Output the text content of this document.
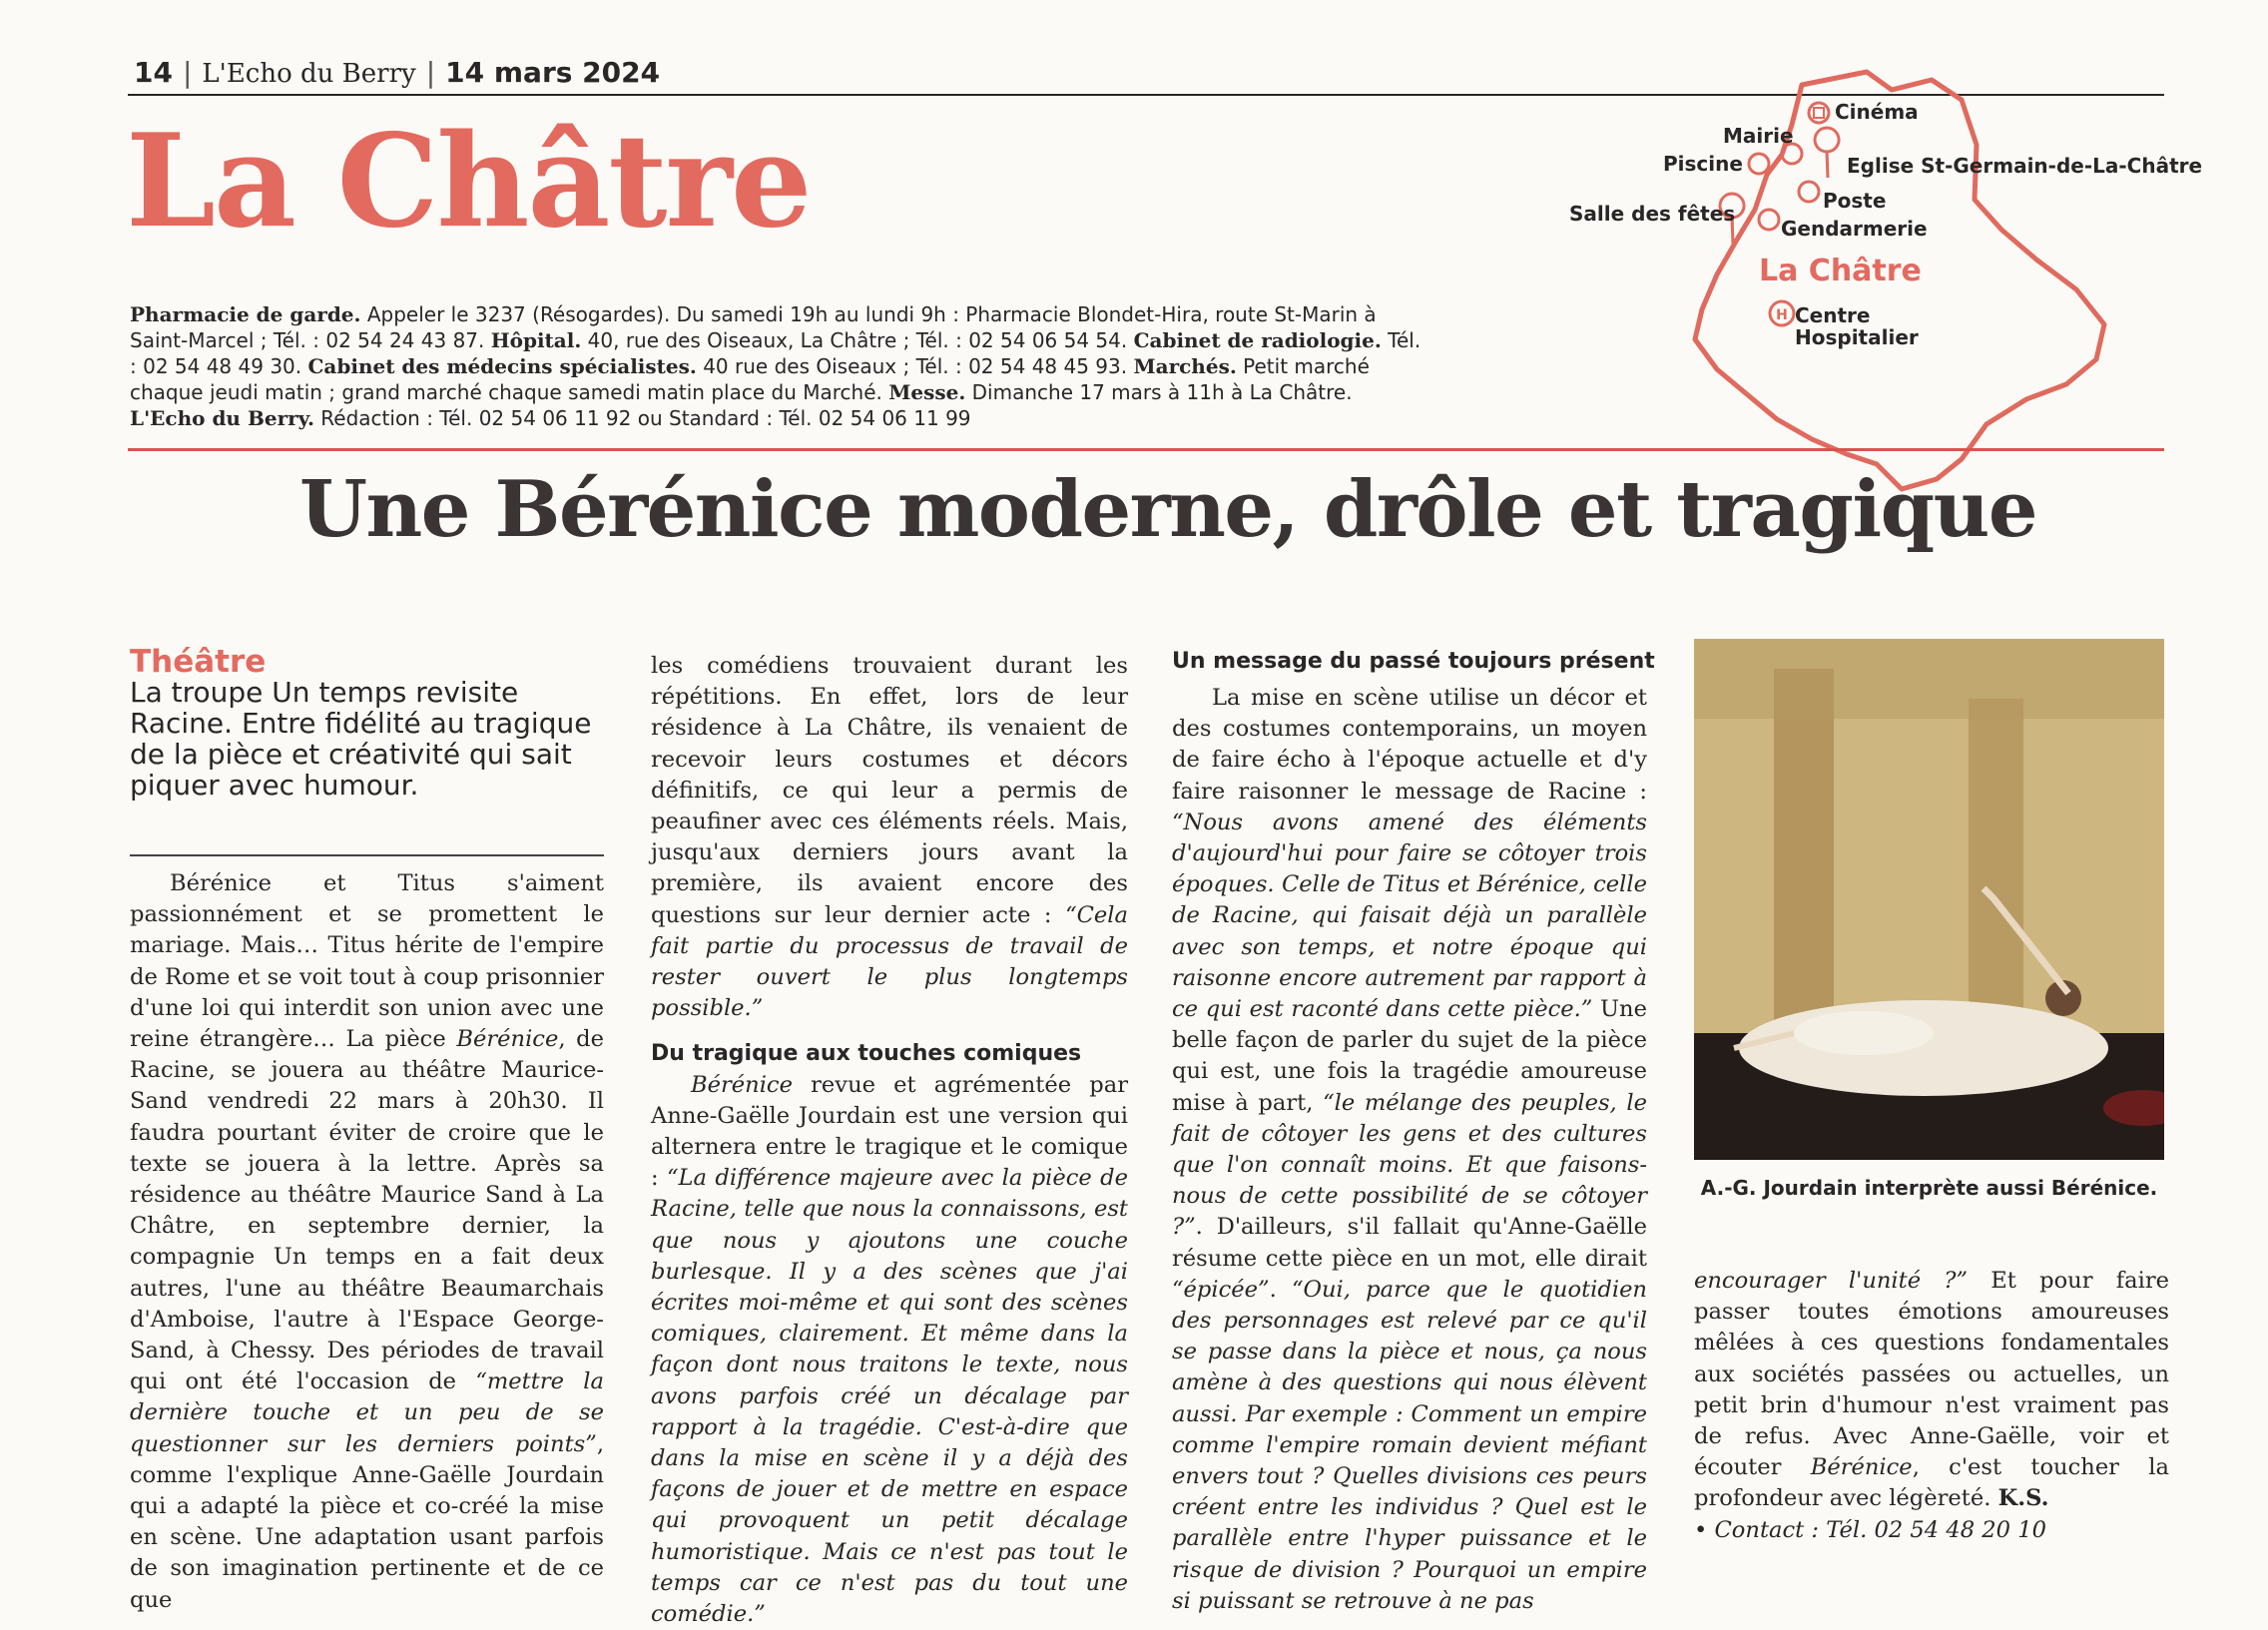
14 | L'Echo du Berry | 14 mars 2024
La Châtre
H
Cinéma
Mairie
Piscine	Eglise St-Germain-de-La-Châtre
Poste
Salle des fêtes
Gendarmerie
La Châtre
Centre
Hospitalier
Pharmacie de garde. Appeler le 3237 (Résogardes). Du samedi 19h au lundi 9h : Pharmacie Blondet-Hira, route St-Marin à Saint-Marcel ; Tél. : 02 54 24 43 87. Hôpital. 40, rue des Oiseaux, La Châtre ; Tél. : 02 54 06 54 54. Cabinet de radiologie. Tél. : 02 54 48 49 30. Cabinet des médecins spécialistes. 40 rue des Oiseaux ; Tél. : 02 54 48 45 93. Marchés. Petit marché chaque jeudi matin ; grand marché chaque samedi matin place du Marché. Messe. Dimanche 17 mars à 11h à La Châtre.
L'Echo du Berry. Rédaction : Tél. 02 54 06 11 92 ou Standard : Tél. 02 54 06 11 99
Une Bérénice moderne, drôle et tragique
Théâtre
La troupe Un temps revisite Racine. Entre fidélité au tragique de la pièce et créativité qui sait piquer avec humour.

Bérénice et Titus s'aiment passionnément et se promettent le mariage. Mais… Titus hérite de l'empire de Rome et se voit tout à coup prisonnier d'une loi qui interdit son union avec une reine étrangère… La pièce Bérénice, de Racine, se jouera au théâtre Maurice-Sand vendredi 22 mars à 20h30. Il faudra pourtant éviter de croire que le texte se jouera à la lettre. Après sa résidence au théâtre Maurice Sand à La Châtre, en septembre dernier, la compagnie Un temps en a fait deux autres, l'une au théâtre Beaumarchais d'Amboise, l'autre à l'Espace George-Sand, à Chessy. Des périodes de travail qui ont été l'occasion de “mettre la dernière touche et un peu de se questionner sur les derniers points”, comme l'explique Anne-Gaëlle Jourdain qui a adapté la pièce et co-créé la mise en scène. Une adaptation usant parfois de son imagination pertinente et de ce que

les comédiens trouvaient durant les répétitions. En effet, lors de leur résidence à La Châtre, ils venaient de recevoir leurs costumes et décors définitifs, ce qui leur a permis de peaufiner avec ces éléments réels. Mais, jusqu'aux derniers jours avant la première, ils avaient encore des questions sur leur dernier acte : “Cela fait partie du processus de travail de rester ouvert le plus longtemps possible.”

Du tragique aux touches comiques

Bérénice revue et agrémentée par Anne-Gaëlle Jourdain est une version qui alternera entre le tragique et le comique : “La différence majeure avec la pièce de Racine, telle que nous la connaissons, est que nous y ajoutons une couche burlesque. Il y a des scènes que j'ai écrites moi-même et qui sont des scènes comiques, clairement. Et même dans la façon dont nous traitons le texte, nous avons parfois créé un décalage par rapport à la tragédie. C'est-à-dire que dans la mise en scène il y a déjà des façons de jouer et de mettre en espace qui provoquent un petit décalage humoristique. Mais ce n'est pas tout le temps car ce n'est pas du tout une comédie.”

Un message du passé toujours présent

La mise en scène utilise un décor et des costumes contemporains, un moyen de faire écho à l'époque actuelle et d'y faire raisonner le message de Racine : “Nous avons amené des éléments d'aujourd'hui pour faire se côtoyer trois époques. Celle de Titus et Bérénice, celle de Racine, qui faisait déjà un parallèle avec son temps, et notre époque qui raisonne encore autrement par rapport à ce qui est raconté dans cette pièce.” Une belle façon de parler du sujet de la pièce qui est, une fois la tragédie amoureuse mise à part, “le mélange des peuples, le fait de côtoyer les gens et des cultures que l'on connaît moins. Et que faisons-nous de cette possibilité de se côtoyer ?”. D'ailleurs, s'il fallait qu'Anne-Gaëlle résume cette pièce en un mot, elle dirait “épicée”. “Oui, parce que le quotidien des personnages est relevé par ce qu'il se passe dans la pièce et nous, ça nous amène à des questions qui nous élèvent aussi. Par exemple : Comment un empire comme l'empire romain devient méfiant envers tout ? Quelles divisions ces peurs créent entre les individus ? Quel est le parallèle entre l'hyper puissance et le risque de division ? Pourquoi un empire si puissant se retrouve à ne pas

A.-G. Jourdain interprète aussi Bérénice.

encourager l'unité ?” Et pour faire passer toutes émotions amoureuses mêlées à ces questions fondamentales aux sociétés passées ou actuelles, un petit brin d'humour n'est vraiment pas de refus. Avec Anne-Gaëlle, voir et écouter Bérénice, c'est toucher la profondeur avec légèreté. K.S.

• Contact : Tél. 02 54 48 20 10
